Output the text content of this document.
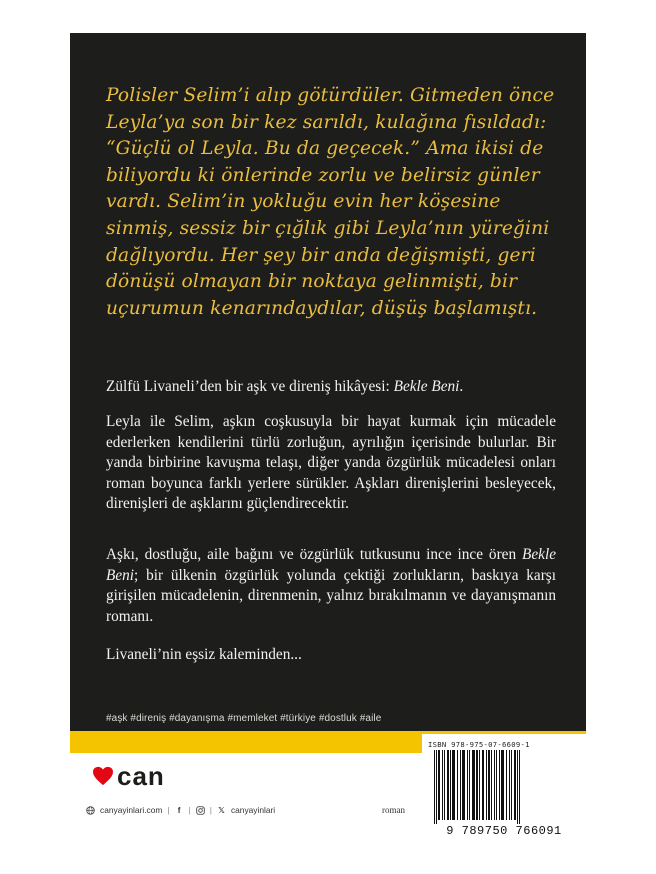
Polisler Selim’i alıp götürdüler. Gitmeden önce Leyla’ya son bir kez sarıldı, kulağına fısıldadı: “Güçlü ol Leyla. Bu da geçecek.” Ama ikisi de biliyordu ki önlerinde zorlu ve belirsiz günler vardı. Selim’in yokluğu evin her köşesine sinmiş, sessiz bir çığlık gibi Leyla’nın yüreğini dağlıyordu. Her şey bir anda değişmişti, geri dönüşü olmayan bir noktaya gelinmişti, bir uçurumun kenarındaydılar, düşüş başlamıştı.

Zülfü Livaneli’den bir aşk ve direniş hikâyesi: Bekle Beni.

Leyla ile Selim, aşkın coşkusuyla bir hayat kurmak için mücadele ederlerken kendilerini türlü zorluğun, ayrılığın içerisinde bulurlar. Bir yanda birbirine kavuşma telaşı, diğer yanda özgürlük mücadelesi onları roman boyunca farklı yerlere sürükler. Aşkları direnişlerini besleyecek, direnişleri de aşklarını güçlendirecektir.

Aşkı, dostluğu, aile bağını ve özgürlük tutkusunu ince ince ören Bekle Beni; bir ülkenin özgürlük yolunda çektiği zorlukların, baskıya karşı girişilen mücadelenin, direnmenin, yalnız bırakılmanın ve dayanışmanın romanı.

Livaneli’nin eşsiz kaleminden...

#aşk #direniş #dayanışma #memleket #türkiye #dostluk #aile

can
canyayinlari.com |	f | | 𝕏 canyayinlari	roman

ISBN 978-975-07-6609-1

9 789750 766091
